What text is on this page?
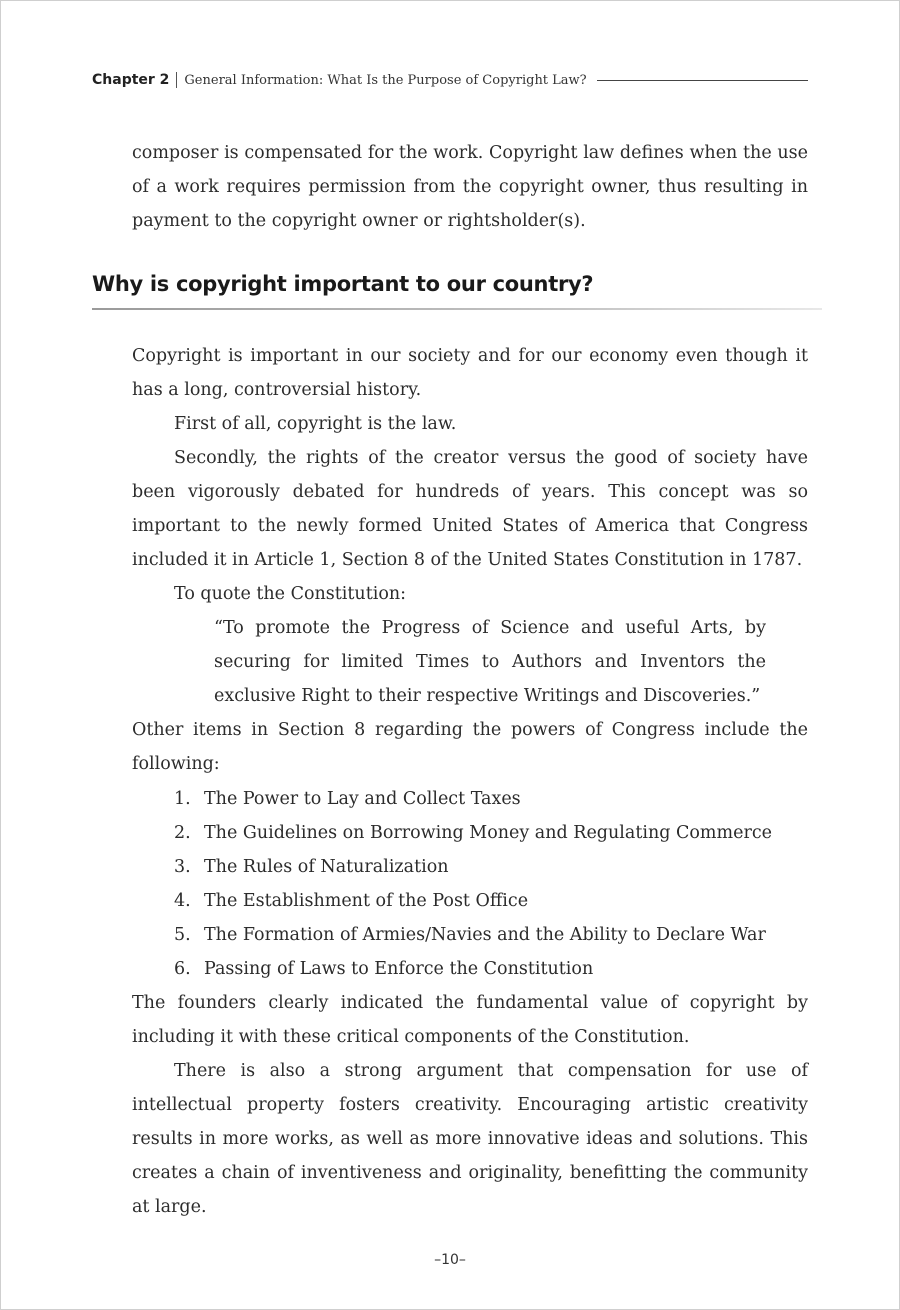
Chapter 2 General Information: What Is the Purpose of Copyright Law?

composer is compensated for the work. Copyright law defines when the use of a work requires permission from the copyright owner, thus resulting in payment to the copyright owner or rightsholder(s).

Why is copyright important to our country?

Copyright is important in our society and for our economy even though it has a long, controversial history.

First of all, copyright is the law.

Secondly, the rights of the creator versus the good of society have been vigorously debated for hundreds of years. This concept was so important to the newly formed United States of America that Congress included it in Article 1, Section 8 of the United States Constitution in 1787.

To quote the Constitution:

“To promote the Progress of Science and useful Arts, by
securing for limited Times to Authors and Inventors the
exclusive Right to their respective Writings and Discoveries.”

Other items in Section 8 regarding the powers of Congress include the following:

1. The Power to Lay and Collect Taxes
2. The Guidelines on Borrowing Money and Regulating Commerce
3. The Rules of Naturalization
4. The Establishment of the Post Office
5. The Formation of Armies/Navies and the Ability to Declare War
6. Passing of Laws to Enforce the Constitution

The founders clearly indicated the fundamental value of copyright by including it with these critical components of the Constitution.

There is also a strong argument that compensation for use of intellectual property fosters creativity. Encouraging artistic creativity results in more works, as well as more innovative ideas and solutions. This creates a chain of inventiveness and originality, benefitting the community at large.

–10–
